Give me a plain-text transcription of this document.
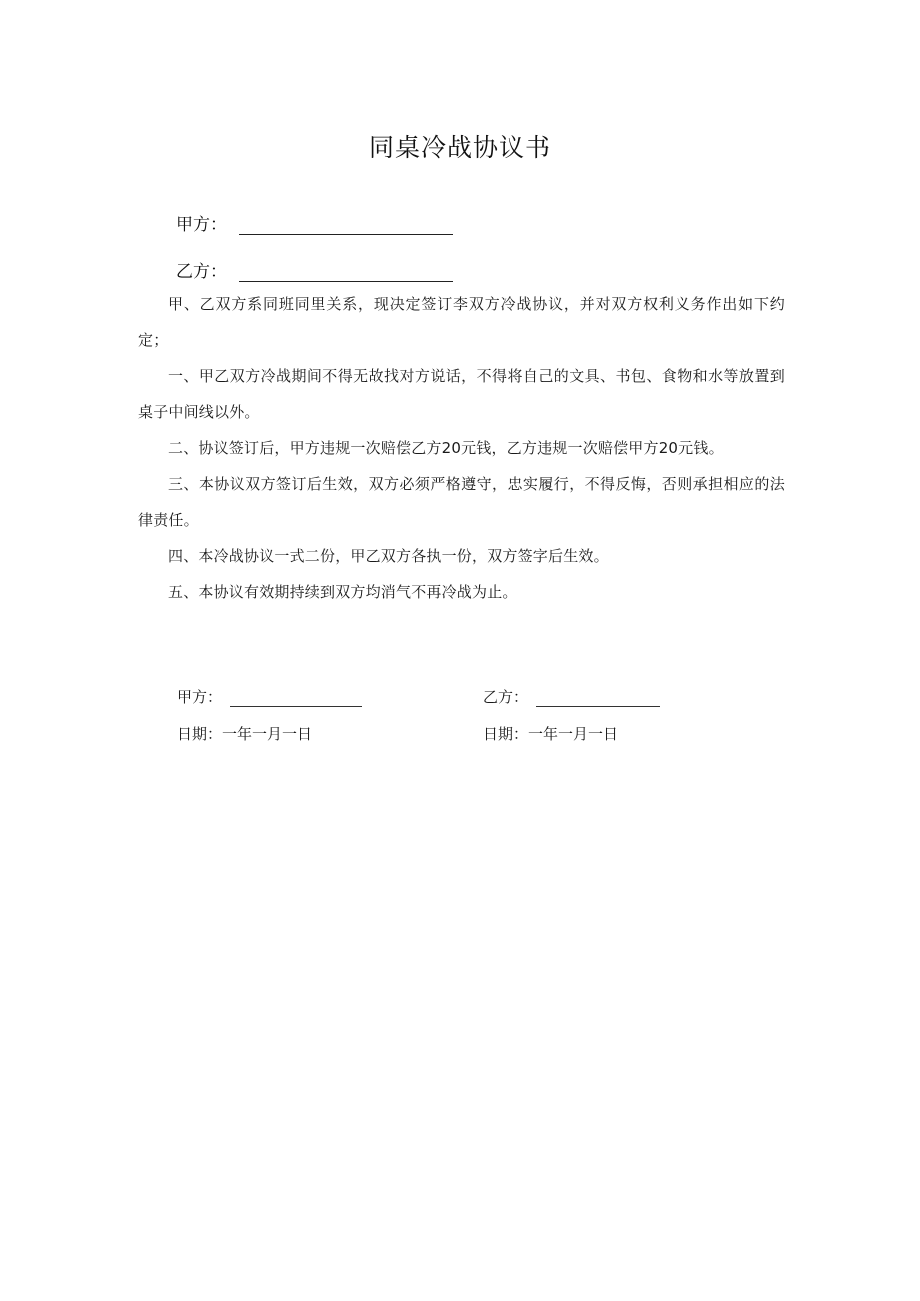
同桌冷战协议书
甲方：
乙方：

甲、乙双方系同班同里关系，现决定签订李双方冷战协议，并对双方权利义务作出如下约定；

一、甲乙双方冷战期间不得无故找对方说话，不得将自己的文具、书包、食物和水等放置到桌子中间线以外。

二、协议签订后，甲方违规一次赔偿乙方20元钱，乙方违规一次赔偿甲方20元钱。

三、本协议双方签订后生效，双方必须严格遵守，忠实履行，不得反悔，否则承担相应的法律责任。

四、本冷战协议一式二份，甲乙双方各执一份，双方签字后生效。

五、本协议有效期持续到双方均消气不再冷战为止。

甲方：	乙方：
日期：一年一月一日	日期：一年一月一日
